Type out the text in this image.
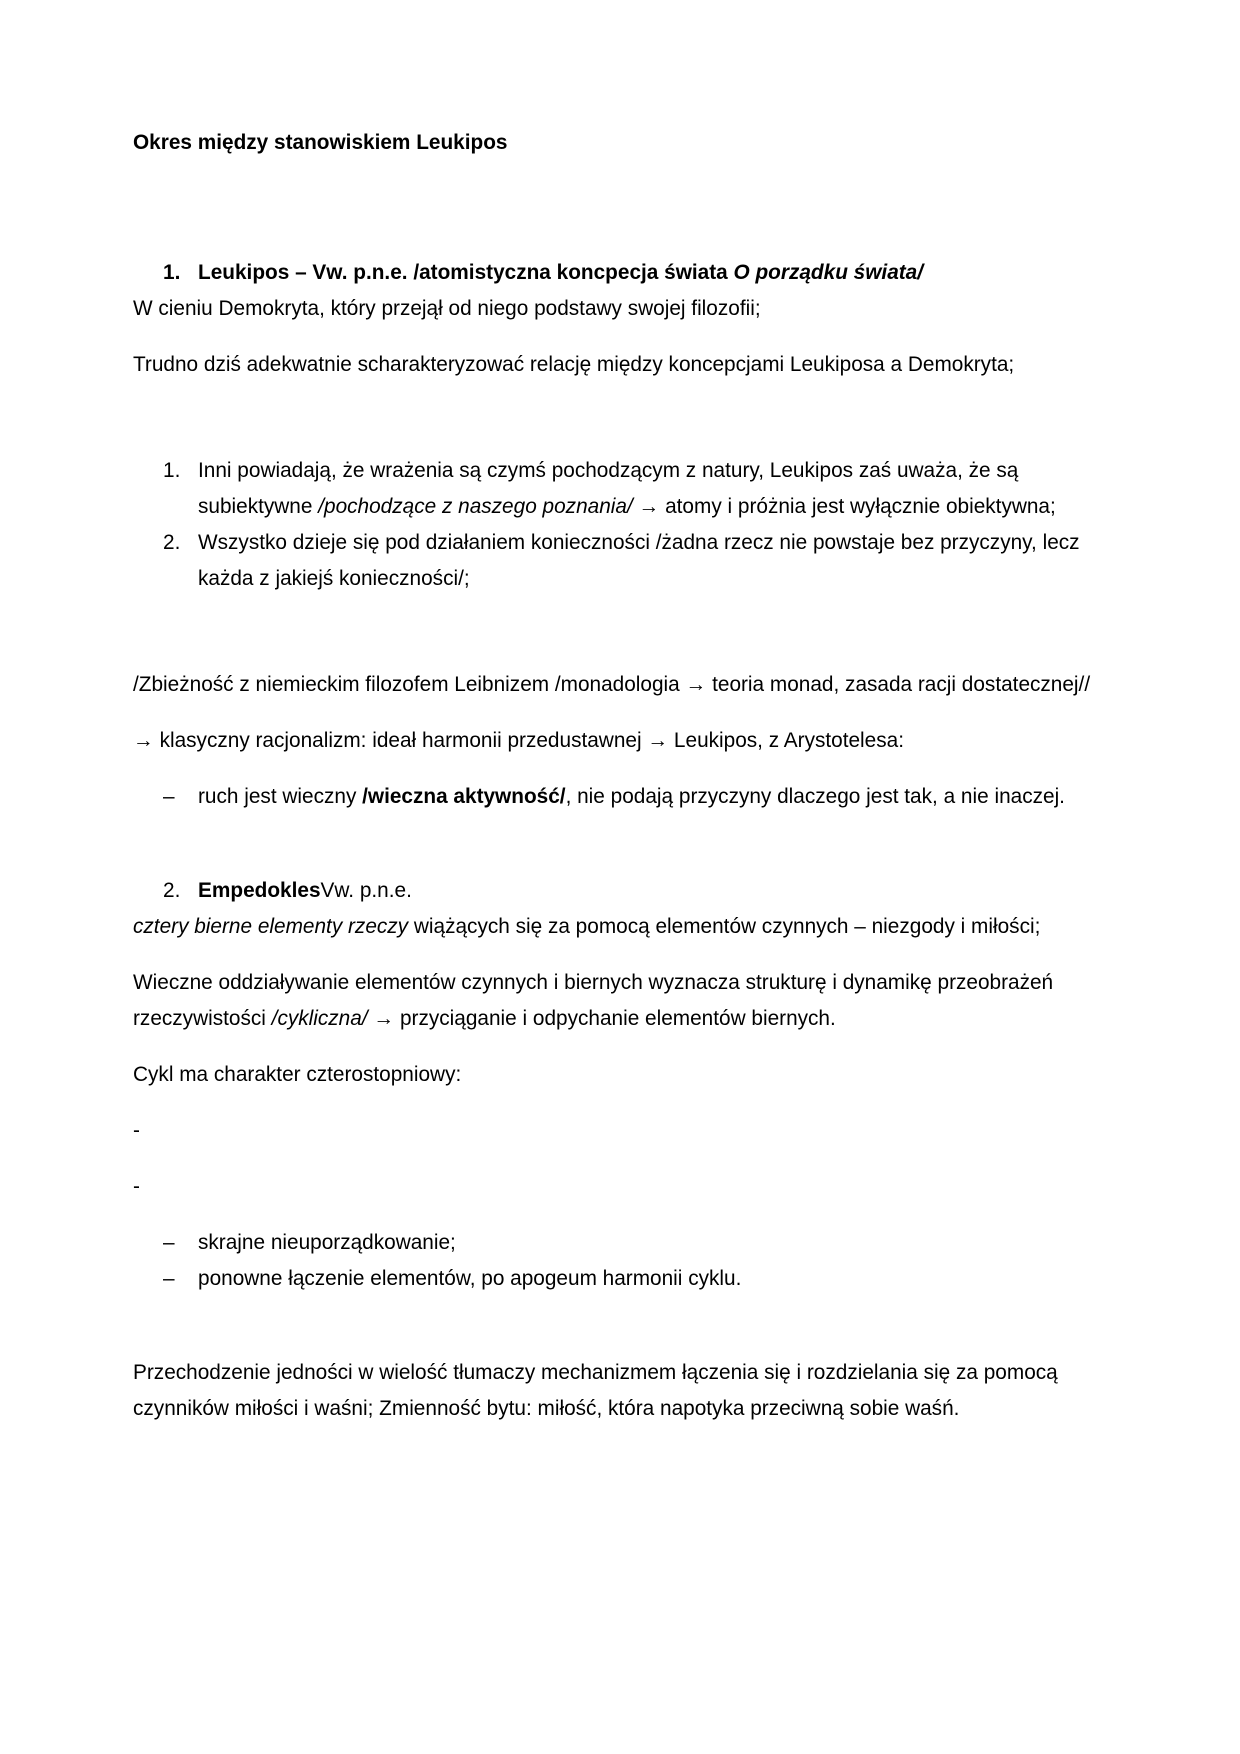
Okres między stanowiskiem Leukipos

1. Leukipos – Vw. p.n.e. /atomistyczna koncpecja świata O porządku świata/

W cieniu Demokryta, który przejął od niego podstawy swojej filozofii;

Trudno dziś adekwatnie scharakteryzować relację między koncepcjami Leukiposa a Demokryta;

1. Inni powiadają, że wrażenia są czymś pochodzącym z natury, Leukipos zaś uważa, że są subiektywne /pochodzące z naszego poznania/ → atomy i próżnia jest wyłącznie obiektywna;
2. Wszystko dzieje się pod działaniem konieczności /żadna rzecz nie powstaje bez przyczyny, lecz każda z jakiejś konieczności/;

/Zbieżność z niemieckim filozofem Leibnizem /monadologia → teoria monad, zasada racji dostatecznej//

→ klasyczny racjonalizm: ideał harmonii przedustawnej → Leukipos, z Arystotelesa:

–	ruch jest wieczny /wieczna aktywność/, nie podają przyczyny dlaczego jest tak, a nie inaczej.
2. EmpedoklesVw. p.n.e.

cztery bierne elementy rzeczy wiążących się za pomocą elementów czynnych – niezgody i miłości;

Wieczne oddziaływanie elementów czynnych i biernych wyznacza strukturę i dynamikę przeobrażeń rzeczywistości /cykliczna/ → przyciąganie i odpychanie elementów biernych.

Cykl ma charakter czterostopniowy:

-

-

–	skrajne nieuporządkowanie;
–	ponowne łączenie elementów, po apogeum harmonii cyklu.

Przechodzenie jedności w wielość tłumaczy mechanizmem łączenia się i rozdzielania się za pomocą czynników miłości i waśni; Zmienność bytu: miłość, która napotyka przeciwną sobie waśń.
